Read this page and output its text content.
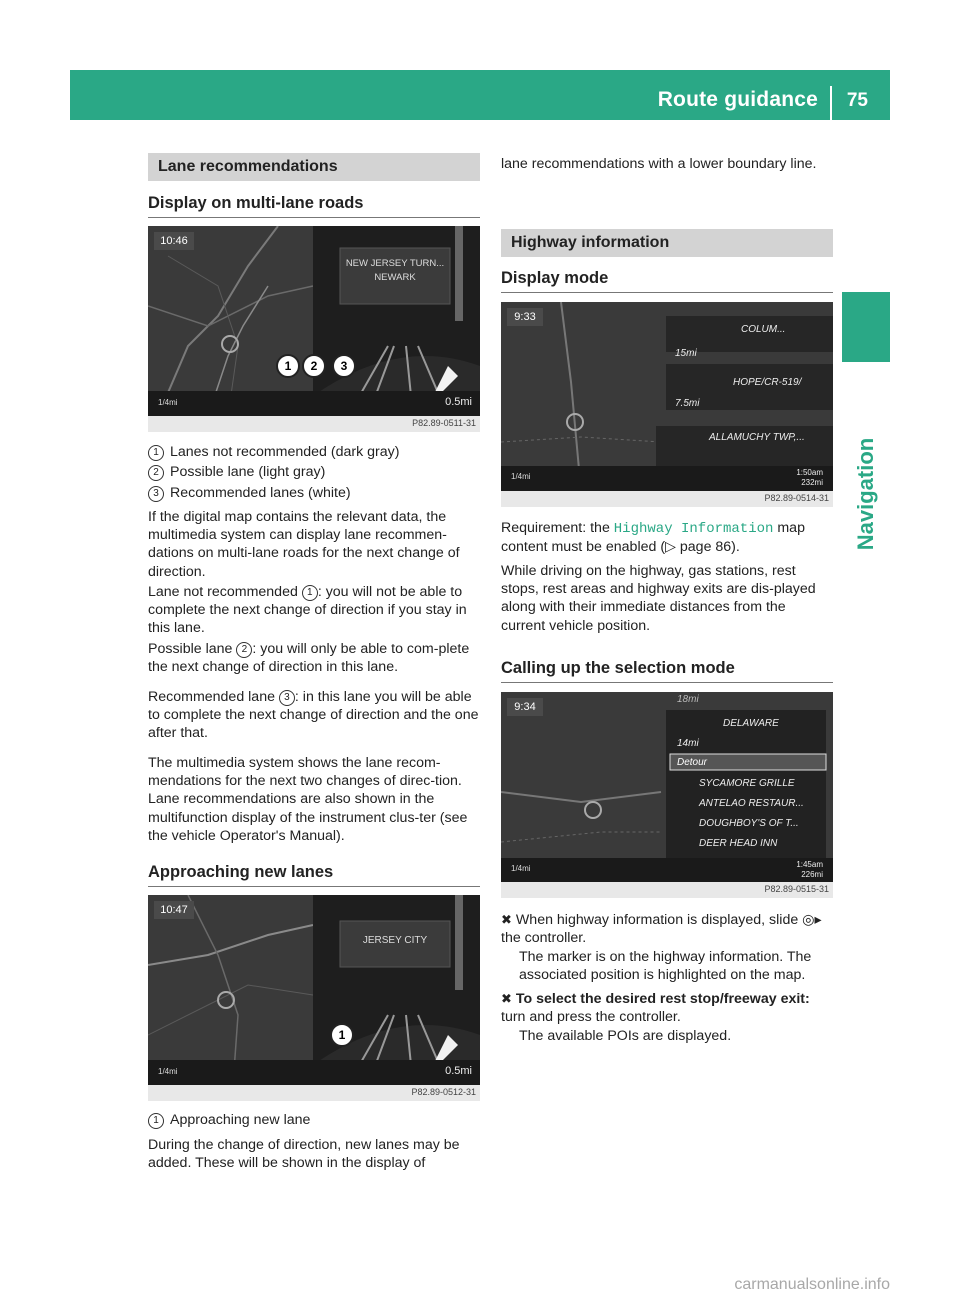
Route guidance 75
Navigation
Lane recommendations
Display on multi-lane roads
10:46
NEW JERSEY TURN...
NEWARK
1/4mi	0.5mi
1	2	3
P82.89-0511-31
1 Lanes not recommended (dark gray)
2 Possible lane (light gray)
3 Recommended lanes (white)
If the digital map contains the relevant data, the multimedia system can display lane recommen-dations on multi-lane roads for the next change of direction.
Lane not recommended 1 : you will not be able to complete the next change of direction if you stay in this lane.
Possible lane 2 : you will only be able to com-plete the next change of direction in this lane.
Recommended lane 3 : in this lane you will be able to complete the next change of direction and the one after that.
The multimedia system shows the lane recom-mendations for the next two changes of direc-tion. Lane recommendations are also shown in the multifunction display of the instrument clus-ter (see the vehicle Operator's Manual).
Approaching new lanes
10:47
JERSEY CITY
1/4mi	0.5mi
1
P82.89-0512-31
1 Approaching new lane
During the change of direction, new lanes may be added. These will be shown in the display of
lane recommendations with a lower boundary line.
Highway information
Display mode
9:33
COLUM...
15mi
HOPE/CR-519/
7.5mi
ALLAMUCHY TWP,...
1/4mi	1:50am
232mi
P82.89-0514-31
Requirement: the Highway Information map content must be enabled (▷ page 86).
While driving on the highway, gas stations, rest stops, rest areas and highway exits are dis-played along with their immediate distances from the current vehicle position.
Calling up the selection mode
9:34
18mi
DELAWARE
14mi
Detour
SYCAMORE GRILLE
ANTELAO RESTAUR...
DOUGHBOY'S OF T...
DEER HEAD INN
1/4mi	1:45am
226mi
P82.89-0515-31
✖ When highway information is displayed, slide ◎▸ the controller.
The marker is on the highway information. The associated position is highlighted on the map.
✖ To select the desired rest stop/freeway exit: turn and press the controller.
The available POIs are displayed.
carmanualsonline.info
